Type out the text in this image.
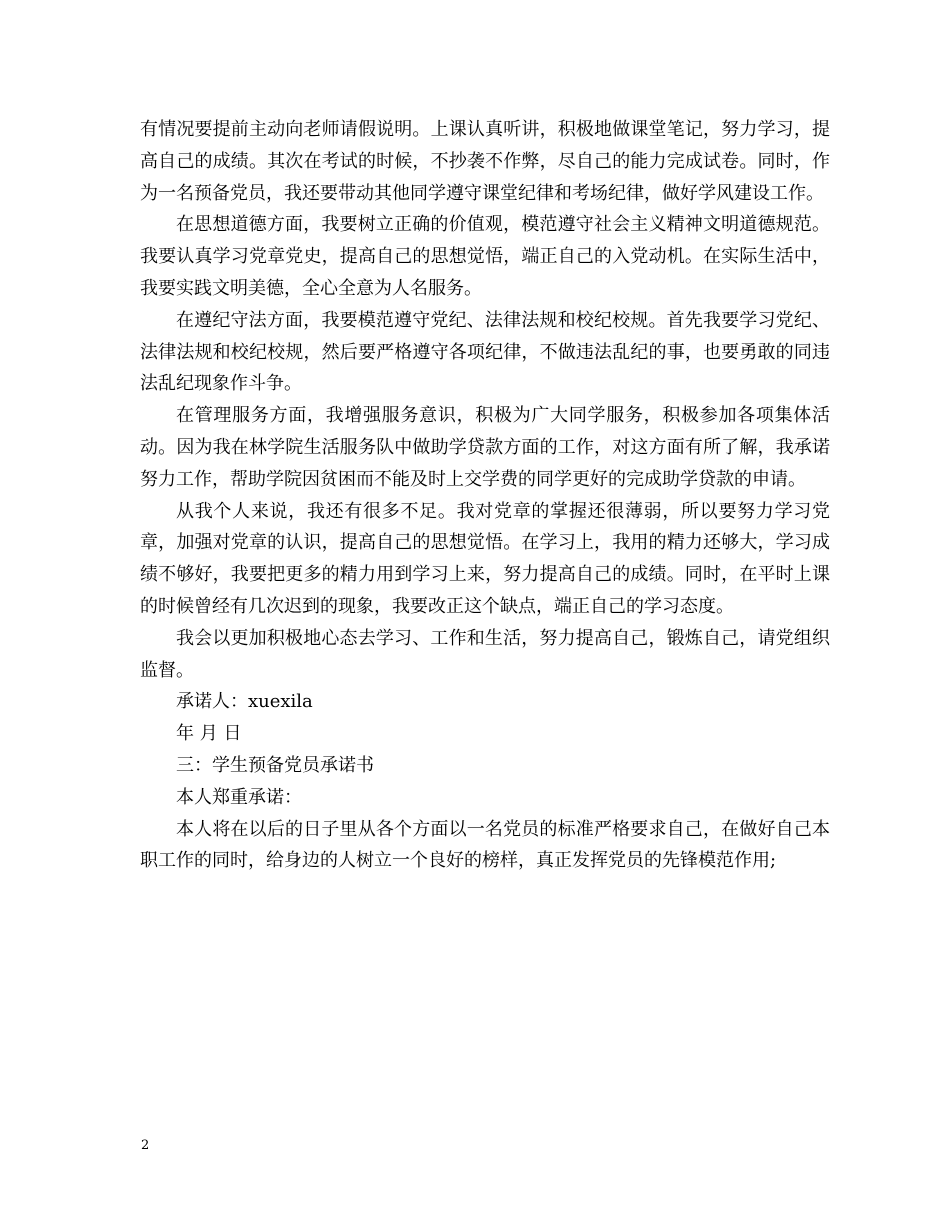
有情况要提前主动向老师请假说明。上课认真听讲，积极地做课堂笔记，努力学习，提高自己的成绩。其次在考试的时候，不抄袭不作弊，尽自己的能力完成试卷。同时，作为一名预备党员，我还要带动其他同学遵守课堂纪律和考场纪律，做好学风建设工作。

在思想道德方面，我要树立正确的价值观，模范遵守社会主义精神文明道德规范。我要认真学习党章党史，提高自己的思想觉悟，端正自己的入党动机。在实际生活中，我要实践文明美德，全心全意为人名服务。

在遵纪守法方面，我要模范遵守党纪、法律法规和校纪校规。首先我要学习党纪、法律法规和校纪校规，然后要严格遵守各项纪律，不做违法乱纪的事，也要勇敢的同违法乱纪现象作斗争。

在管理服务方面，我增强服务意识，积极为广大同学服务，积极参加各项集体活动。因为我在林学院生活服务队中做助学贷款方面的工作，对这方面有所了解，我承诺努力工作，帮助学院因贫困而不能及时上交学费的同学更好的完成助学贷款的申请。

从我个人来说，我还有很多不足。我对党章的掌握还很薄弱，所以要努力学习党章，加强对党章的认识，提高自己的思想觉悟。在学习上，我用的精力还够大，学习成绩不够好，我要把更多的精力用到学习上来，努力提高自己的成绩。同时，在平时上课的时候曾经有几次迟到的现象，我要改正这个缺点，端正自己的学习态度。

我会以更加积极地心态去学习、工作和生活，努力提高自己，锻炼自己，请党组织监督。

承诺人：xuexila

年 月 日

三：学生预备党员承诺书

本人郑重承诺：

本人将在以后的日子里从各个方面以一名党员的标准严格要求自己，在做好自己本职工作的同时，给身边的人树立一个良好的榜样，真正发挥党员的先锋模范作用;

2
